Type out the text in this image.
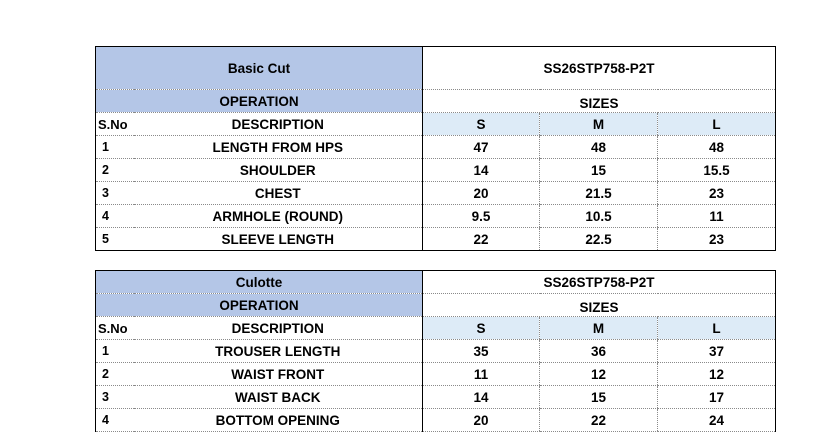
Basic Cut		SS26STP758-P2T		
OPERATION		SIZES		
S.No	DESCRIPTION	S	M	L
1	LENGTH FROM HPS	47	48	48
2	SHOULDER	14	15	15.5
3	CHEST	20	21.5	23
4	ARMHOLE (ROUND)	9.5	10.5	11
5	SLEEVE LENGTH	22	22.5	23

Culotte		SS26STP758-P2T		
OPERATION		SIZES		
S.No	DESCRIPTION	S	M	L
1	TROUSER LENGTH	35	36	37
2	WAIST FRONT	11	12	12
3	WAIST BACK	14	15	17
4	BOTTOM OPENING	20	22	24
